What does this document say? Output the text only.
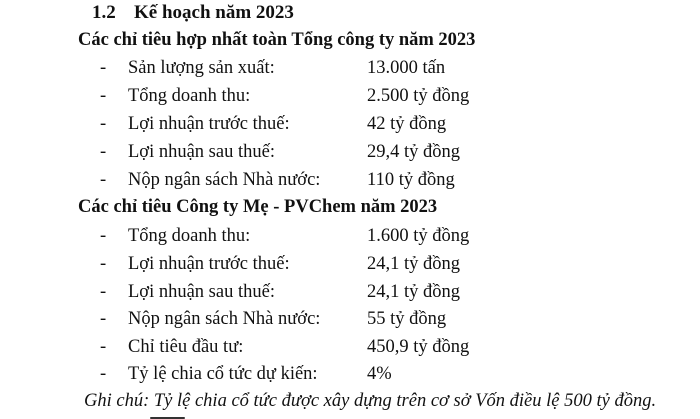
1.2 Kế hoạch năm 2023
Các chỉ tiêu hợp nhất toàn Tổng công ty năm 2023
- Sản lượng sản xuất:	13.000 tấn
- Tổng doanh thu:	2.500 tỷ đồng
- Lợi nhuận trước thuế:	42 tỷ đồng
- Lợi nhuận sau thuế:	29,4 tỷ đồng
- Nộp ngân sách Nhà nước:	110 tỷ đồng
Các chỉ tiêu Công ty Mẹ - PVChem năm 2023
- Tổng doanh thu:	1.600 tỷ đồng
- Lợi nhuận trước thuế:	24,1 tỷ đồng
- Lợi nhuận sau thuế:	24,1 tỷ đồng
- Nộp ngân sách Nhà nước:	55 tỷ đồng
- Chỉ tiêu đầu tư:	450,9 tỷ đồng
- Tỷ lệ chia cổ tức dự kiến:	4%
Ghi chú: Tỷ lệ chia cổ tức được xây dựng trên cơ sở Vốn điều lệ 500 tỷ đồng.
